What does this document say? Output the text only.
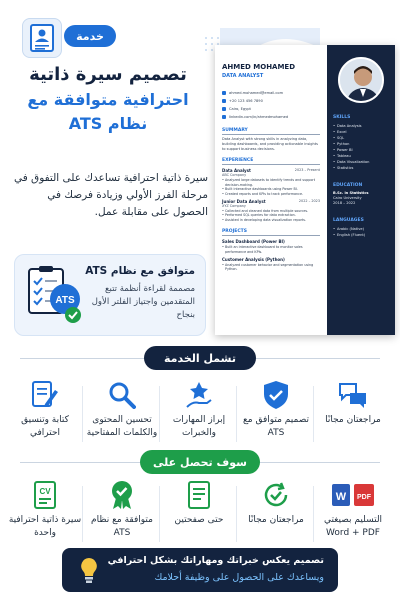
خدمة
تصميم سيرة ذاتية
احترافية متوافقة مع
نظام ATS
سيرة ذاتية احترافية تساعدك على التفوق في مرحلة الفرز الأولي وزيادة فرصك في الحصول على مقابلة عمل.
ATS
متوافق مع نظام ATS
مصممة لقراءة أنظمة تتبع المتقدمين واجتياز الفلتر الأول بنجاح
AHMED MOHAMED
DATA ANALYST
ahmed.mohamed@email.com
+20 123 456 7890
Cairo, Egypt
linkedin.com/in/ahmedmohamed
SUMMARY
Data Analyst with strong skills in analyzing data, building dashboards, and providing actionable insights to support business decisions.
EXPERIENCE
Data Analyst	2023 – Present
ABC Company
• Analyzed large datasets to identify trends and support decision-making.
• Built interactive dashboards using Power BI.
• Created reports and KPIs to track performance.
Junior Data Analyst	2022 – 2023
XYZ Company
• Collected and cleaned data from multiple sources.
• Performed SQL queries for data extraction.
• Assisted in developing data visualization reports.
PROJECTS
Sales Dashboard (Power BI)
• Built an interactive dashboard to monitor sales performance and KPIs.
Customer Analysis (Python)
• Analyzed customer behavior and segmentation using Python.
SKILLS
• Data Analysis
• Excel
• SQL
• Python
• Power BI
• Tableau
• Data Visualization
• Statistics
EDUCATION
B.Sc. in Statistics
Cairo University
2018 – 2022
LANGUAGES
• Arabic (Native)
• English (Fluent)
تشمل الخدمة
مراجعتان مجانًا
تصميم متوافق مع ATS
إبراز المهارات والخبرات
تحسين المحتوى والكلمات المفتاحية
كتابة وتنسيق احترافي
سوف تحصل على
W PDF
التسليم بصيغتي Word + PDF
مراجعتان مجانًا
حتى صفحتين
متوافقة مع نظام ATS
CV
سيرة ذاتية احترافية واحدة
تصميم يعكس خبراتك ومهاراتك بشكل احترافي
ويساعدك على الحصول على وظيفة أحلامك
